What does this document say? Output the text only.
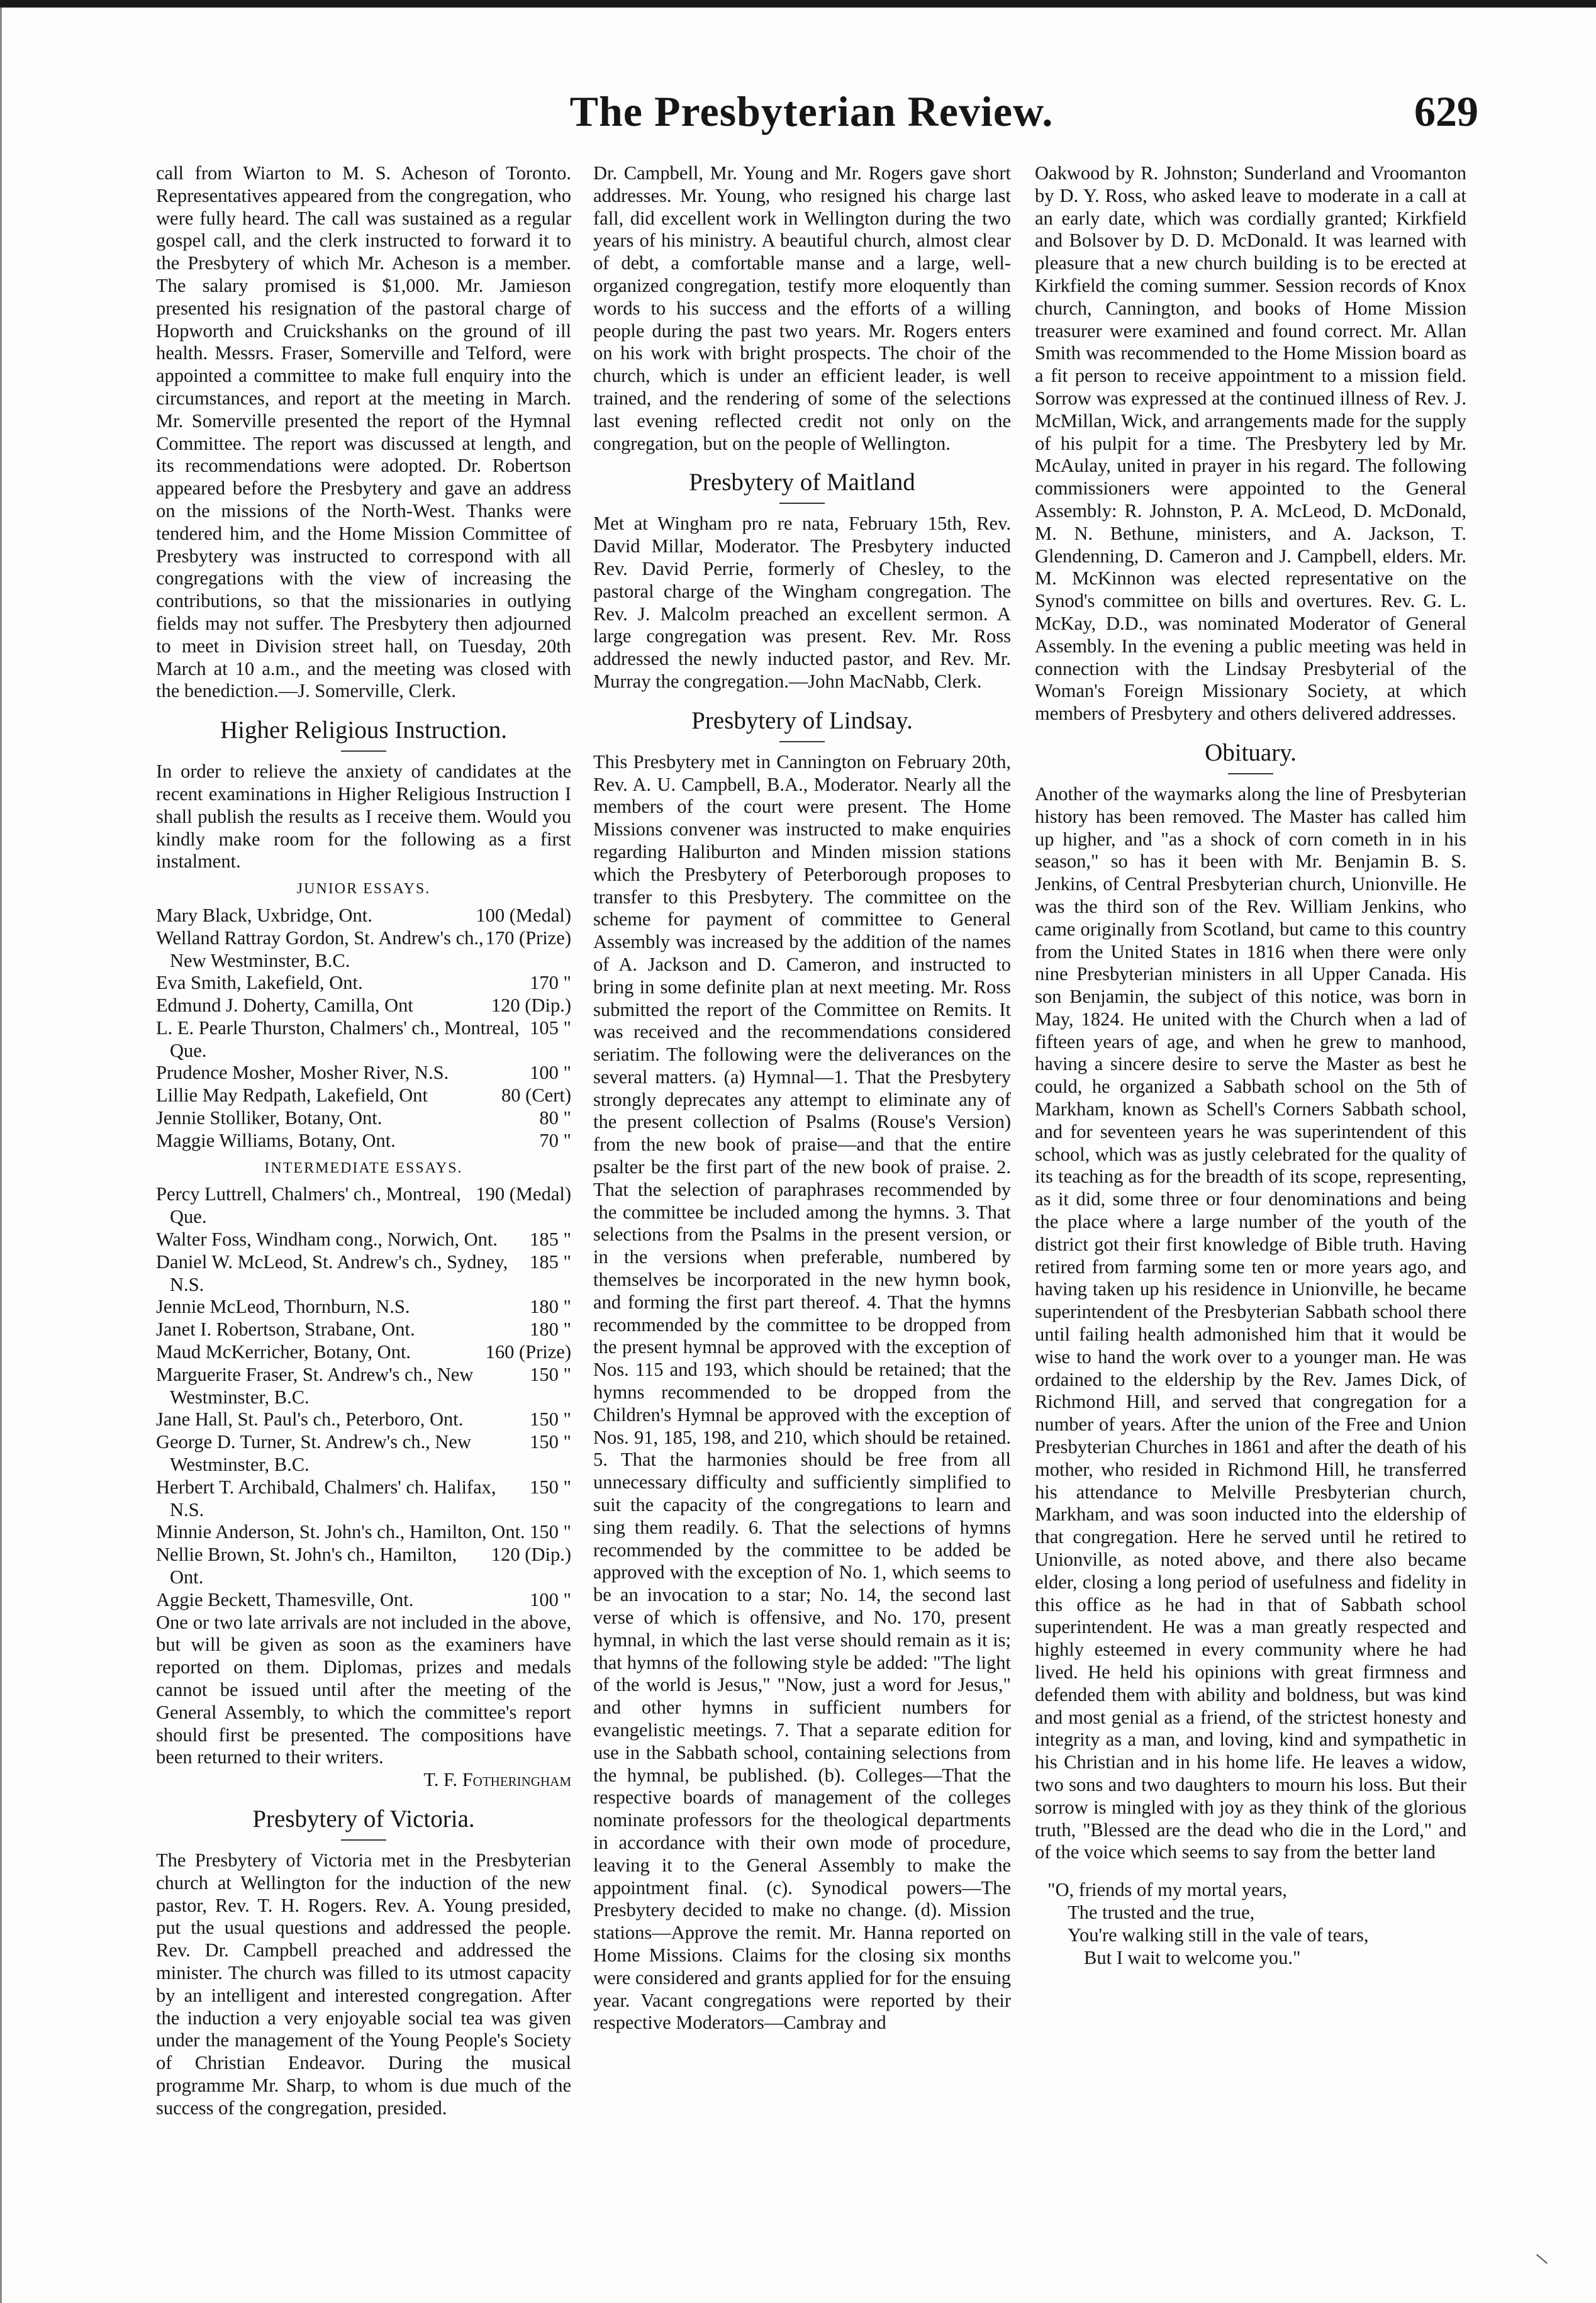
The Presbyterian Review.	629

call from Wiarton to M. S. Acheson of Toronto. Representatives appeared from the congregation, who were fully heard. The call was sustained as a regular gospel call, and the clerk instructed to forward it to the Presbytery of which Mr. Acheson is a member. The salary promised is $1,000. Mr. Jamieson presented his resignation of the pastoral charge of Hopworth and Cruickshanks on the ground of ill health. Messrs. Fraser, Somerville and Telford, were appointed a committee to make full enquiry into the circumstances, and report at the meeting in March. Mr. Somerville presented the report of the Hymnal Committee. The report was discussed at length, and its recommendations were adopted. Dr. Robertson appeared before the Presbytery and gave an address on the missions of the North-West. Thanks were tendered him, and the Home Mission Committee of Presbytery was instructed to correspond with all congregations with the view of increasing the contributions, so that the missionaries in outlying fields may not suffer. The Presbytery then adjourned to meet in Division street hall, on Tuesday, 20th March at 10 a.m., and the meeting was closed with the benediction.—J. Somerville, Clerk.

Higher Religious Instruction.

In order to relieve the anxiety of candidates at the recent examinations in Higher Religious Instruction I shall publish the results as I receive them. Would you kindly make room for the following as a first instalment.

JUNIOR ESSAYS.
100 (Medal)
Mary Black, Uxbridge, Ont.
170 (Prize)
Welland Rattray Gordon, St. Andrew's ch., New Westminster, B.C.
170 "
Eva Smith, Lakefield, Ont.
120 (Dip.)
Edmund J. Doherty, Camilla, Ont
105 "
L. E. Pearle Thurston, Chalmers' ch., Montreal, Que.
100 "
Prudence Mosher, Mosher River, N.S.
80 (Cert)
Lillie May Redpath, Lakefield, Ont
80 "
Jennie Stolliker, Botany, Ont.
70 "
Maggie Williams, Botany, Ont.
INTERMEDIATE ESSAYS.
190 (Medal)
Percy Luttrell, Chalmers' ch., Montreal, Que.
185 "
Walter Foss, Windham cong., Norwich, Ont.
185 "
Daniel W. McLeod, St. Andrew's ch., Sydney, N.S.
180 "
Jennie McLeod, Thornburn, N.S.
180 "
Janet I. Robertson, Strabane, Ont.
160 (Prize)
Maud McKerricher, Botany, Ont.
150 "
Marguerite Fraser, St. Andrew's ch., New Westminster, B.C.
150 "
Jane Hall, St. Paul's ch., Peterboro, Ont.
150 "
George D. Turner, St. Andrew's ch., New Westminster, B.C.
150 "
Herbert T. Archibald, Chalmers' ch. Halifax, N.S.
150 "
Minnie Anderson, St. John's ch., Hamilton, Ont.
120 (Dip.)
Nellie Brown, St. John's ch., Hamilton, Ont.
100 "
Aggie Beckett, Thamesville, Ont.

One or two late arrivals are not included in the above, but will be given as soon as the examiners have reported on them. Diplomas, prizes and medals cannot be issued until after the meeting of the General Assembly, to which the committee's report should first be presented. The compositions have been returned to their writers.

T. F. Fotheringham

Presbytery of Victoria.

The Presbytery of Victoria met in the Presbyterian church at Wellington for the induction of the new pastor, Rev. T. H. Rogers. Rev. A. Young presided, put the usual questions and addressed the people. Rev. Dr. Campbell preached and addressed the minister. The church was filled to its utmost capacity by an intelligent and interested congregation. After the induction a very enjoyable social tea was given under the management of the Young People's Society of Christian Endeavor. During the musical programme Mr. Sharp, to whom is due much of the success of the congregation, presided.

Dr. Campbell, Mr. Young and Mr. Rogers gave short addresses. Mr. Young, who resigned his charge last fall, did excellent work in Wellington during the two years of his ministry. A beautiful church, almost clear of debt, a comfortable manse and a large, well-organized congregation, testify more eloquently than words to his success and the efforts of a willing people during the past two years. Mr. Rogers enters on his work with bright prospects. The choir of the church, which is under an efficient leader, is well trained, and the rendering of some of the selections last evening reflected credit not only on the congregation, but on the people of Wellington.

Presbytery of Maitland

Met at Wingham pro re nata, February 15th, Rev. David Millar, Moderator. The Presbytery inducted Rev. David Perrie, formerly of Chesley, to the pastoral charge of the Wingham congregation. The Rev. J. Malcolm preached an excellent sermon. A large congregation was present. Rev. Mr. Ross addressed the newly inducted pastor, and Rev. Mr. Murray the congregation.—John MacNabb, Clerk.

Presbytery of Lindsay.

This Presbytery met in Cannington on February 20th, Rev. A. U. Campbell, B.A., Moderator. Nearly all the members of the court were present. The Home Missions convener was instructed to make enquiries regarding Haliburton and Minden mission stations which the Presbytery of Peterborough proposes to transfer to this Presbytery. The committee on the scheme for payment of committee to General Assembly was increased by the addition of the names of A. Jackson and D. Cameron, and instructed to bring in some definite plan at next meeting. Mr. Ross submitted the report of the Committee on Remits. It was received and the recommendations considered seriatim. The following were the deliverances on the several matters. (a) Hymnal—1. That the Presbytery strongly deprecates any attempt to eliminate any of the present collection of Psalms (Rouse's Version) from the new book of praise—and that the entire psalter be the first part of the new book of praise. 2. That the selection of paraphrases recommended by the committee be included among the hymns. 3. That selections from the Psalms in the present version, or in the versions when preferable, numbered by themselves be incorporated in the new hymn book, and forming the first part thereof. 4. That the hymns recommended by the committee to be dropped from the present hymnal be approved with the exception of Nos. 115 and 193, which should be retained; that the hymns recommended to be dropped from the Children's Hymnal be approved with the exception of Nos. 91, 185, 198, and 210, which should be retained. 5. That the harmonies should be free from all unnecessary difficulty and sufficiently simplified to suit the capacity of the congregations to learn and sing them readily. 6. That the selections of hymns recommended by the committee to be added be approved with the exception of No. 1, which seems to be an invocation to a star; No. 14, the second last verse of which is offensive, and No. 170, present hymnal, in which the last verse should remain as it is; that hymns of the following style be added: "The light of the world is Jesus," "Now, just a word for Jesus," and other hymns in sufficient numbers for evangelistic meetings. 7. That a separate edition for use in the Sabbath school, containing selections from the hymnal, be published. (b). Colleges—That the respective boards of management of the colleges nominate professors for the theological departments in accordance with their own mode of procedure, leaving it to the General Assembly to make the appointment final. (c). Synodical powers—The Presbytery decided to make no change. (d). Mission stations—Approve the remit. Mr. Hanna reported on Home Missions. Claims for the closing six months were considered and grants applied for for the ensuing year. Vacant congregations were reported by their respective Moderators—Cambray and

Oakwood by R. Johnston; Sunderland and Vroomanton by D. Y. Ross, who asked leave to moderate in a call at an early date, which was cordially granted; Kirkfield and Bolsover by D. D. McDonald. It was learned with pleasure that a new church building is to be erected at Kirkfield the coming summer. Session records of Knox church, Cannington, and books of Home Mission treasurer were examined and found correct. Mr. Allan Smith was recommended to the Home Mission board as a fit person to receive appointment to a mission field. Sorrow was expressed at the continued illness of Rev. J. McMillan, Wick, and arrangements made for the supply of his pulpit for a time. The Presbytery led by Mr. McAulay, united in prayer in his regard. The following commissioners were appointed to the General Assembly: R. Johnston, P. A. McLeod, D. McDonald, M. N. Bethune, ministers, and A. Jackson, T. Glendenning, D. Cameron and J. Campbell, elders. Mr. M. McKinnon was elected representative on the Synod's committee on bills and overtures. Rev. G. L. McKay, D.D., was nominated Moderator of General Assembly. In the evening a public meeting was held in connection with the Lindsay Presbyterial of the Woman's Foreign Missionary Society, at which members of Presbytery and others delivered addresses.

Obituary.

Another of the waymarks along the line of Presbyterian history has been removed. The Master has called him up higher, and "as a shock of corn cometh in in his season," so has it been with Mr. Benjamin B. S. Jenkins, of Central Presbyterian church, Unionville. He was the third son of the Rev. William Jenkins, who came originally from Scotland, but came to this country from the United States in 1816 when there were only nine Presbyterian ministers in all Upper Canada. His son Benjamin, the subject of this notice, was born in May, 1824. He united with the Church when a lad of fifteen years of age, and when he grew to manhood, having a sincere desire to serve the Master as best he could, he organized a Sabbath school on the 5th of Markham, known as Schell's Corners Sabbath school, and for seventeen years he was superintendent of this school, which was as justly celebrated for the quality of its teaching as for the breadth of its scope, representing, as it did, some three or four denominations and being the place where a large number of the youth of the district got their first knowledge of Bible truth. Having retired from farming some ten or more years ago, and having taken up his residence in Unionville, he became superintendent of the Presbyterian Sabbath school there until failing health admonished him that it would be wise to hand the work over to a younger man. He was ordained to the eldership by the Rev. James Dick, of Richmond Hill, and served that congregation for a number of years. After the union of the Free and Union Presbyterian Churches in 1861 and after the death of his mother, who resided in Richmond Hill, he transferred his attendance to Melville Presbyterian church, Markham, and was soon inducted into the eldership of that congregation. Here he served until he retired to Unionville, as noted above, and there also became elder, closing a long period of usefulness and fidelity in this office as he had in that of Sabbath school superintendent. He was a man greatly respected and highly esteemed in every community where he had lived. He held his opinions with great firmness and defended them with ability and boldness, but was kind and most genial as a friend, of the strictest honesty and integrity as a man, and loving, kind and sympathetic in his Christian and in his home life. He leaves a widow, two sons and two daughters to mourn his loss. But their sorrow is mingled with joy as they think of the glorious truth, "Blessed are the dead who die in the Lord," and of the voice which seems to say from the better land

"O, friends of my mortal years,
The trusted and the true,
You're walking still in the vale of tears,
But I wait to welcome you."
